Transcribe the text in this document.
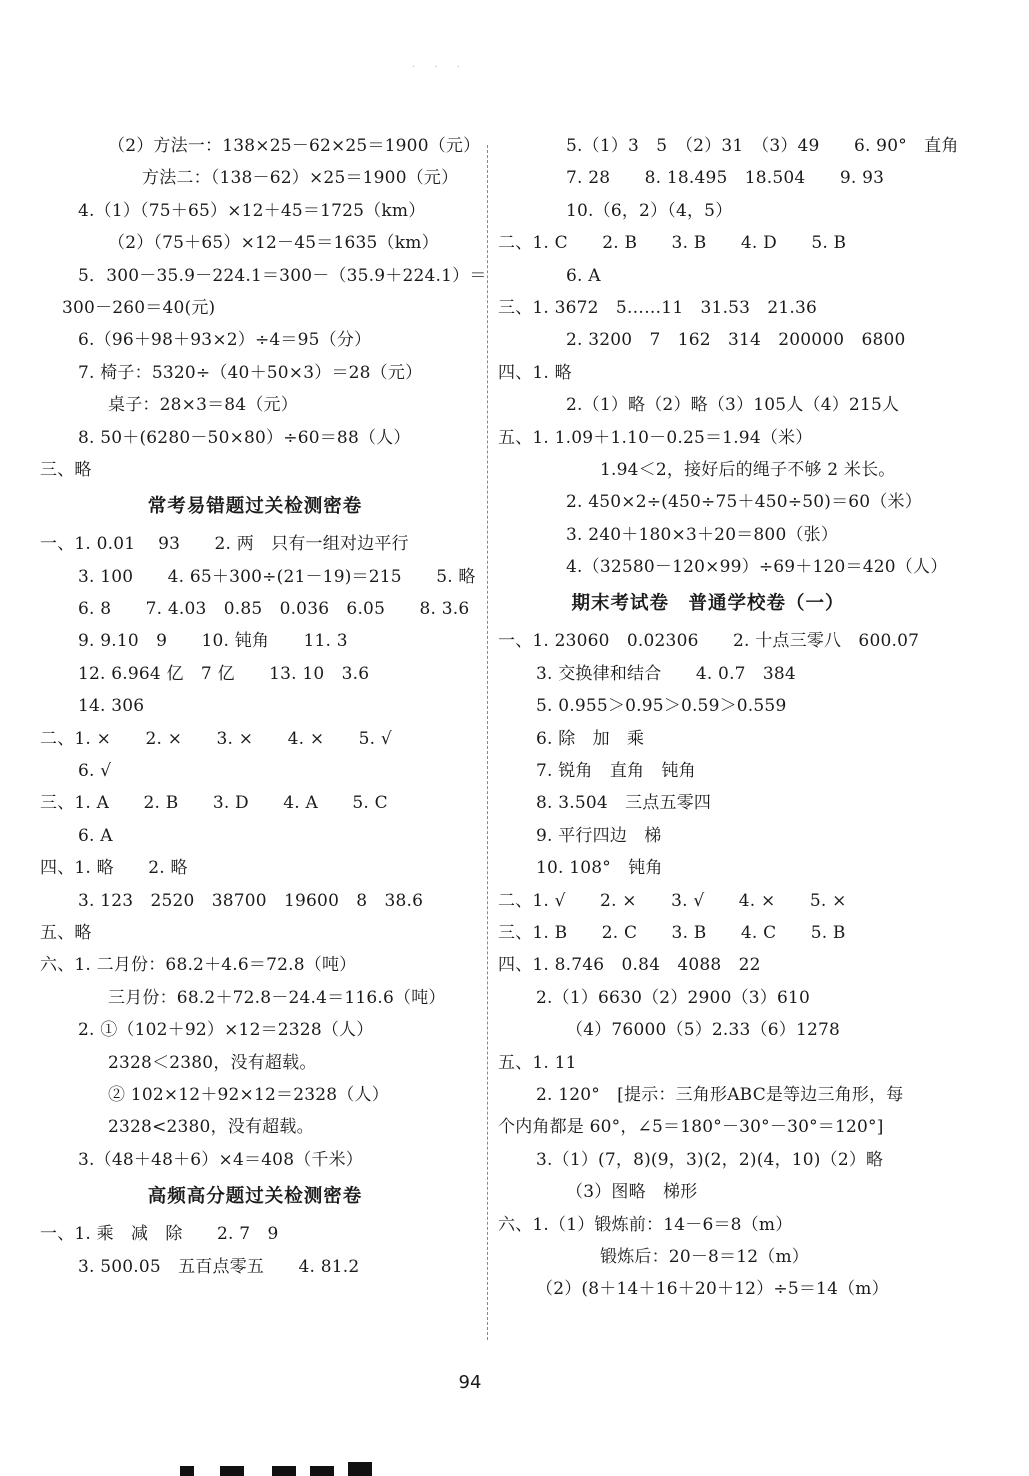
· · ·
（2）方法一：138×25－62×25＝1900（元）
方法二：（138－62）×25＝1900（元）
4.（1）（75＋65）×12＋45＝1725（km）
（2）（75＋65）×12－45＝1635（km）
5．300－35.9－224.1＝300－（35.9＋224.1）＝
300－260＝40(元)
6.（96＋98＋93×2）÷4＝95（分）
7. 椅子：5320÷（40＋50×3）＝28（元）
桌子：28×3＝84（元）
8. 50＋(6280－50×80）÷60＝88（人）
三、略
常考易错题过关检测密卷
一、1. 0.01　 93　　2. 两　只有一组对边平行
3. 100　　4. 65＋300÷(21－19)＝215　　5. 略
6. 8　　7. 4.03　0.85　0.036　6.05　　8. 3.6
9. 9.10　9　　10. 钝角　　11. 3
12. 6.964 亿　7 亿　　13. 10　3.6
14. 306
二、1. ×　　2. ×　　3. ×　　4. ×　　5. √
6. √
三、1. A　　2. B　　3. D　　4. A　　5. C
6. A
四、1. 略　　2. 略
3. 123　2520　38700　19600　8　38.6
五、略
六、1. 二月份：68.2＋4.6＝72.8（吨）
三月份：68.2＋72.8－24.4＝116.6（吨）
2. ①（102＋92）×12＝2328（人）
2328＜2380，没有超载。
② 102×12＋92×12＝2328（人）
2328<2380，没有超载。
3.（48＋48＋6）×4＝408（千米）
高频高分题过关检测密卷
一、1. 乘　减　除　　2. 7　9
3. 500.05　五百点零五　　4. 81.2
5.（1）3　5　（2）31　（3）49　　6. 90°　直角
7. 28　　8. 18.495　18.504　　9. 93
10.（6，2）（4，5）
二、1. C　　2. B　　3. B　　4. D　　5. B
6. A
三、1. 3672　5……11　31.53　21.36
2. 3200　7　162　314　200000　6800
四、1. 略
2.（1）略（2）略（3）105人（4）215人
五、1. 1.09＋1.10－0.25＝1.94（米）
1.94＜2，接好后的绳子不够 2 米长。
2. 450×2÷(450÷75＋450÷50)＝60（米）
3. 240＋180×3＋20＝800（张）
4.（32580－120×99）÷69＋120＝420（人）
期末考试卷　普通学校卷（一）
一、1. 23060　0.02306　　2. 十点三零八　600.07
3. 交换律和结合　　4. 0.7　384
5. 0.955＞0.95＞0.59＞0.559
6. 除　加　乘
7. 锐角　直角　钝角
8. 3.504　三点五零四
9. 平行四边　梯
10. 108°　钝角
二、1. √　　2. ×　　3. √　　4. ×　　5. ×
三、1. B　　2. C　　3. B　　4. C　　5. B
四、1. 8.746　0.84　4088　22
2.（1）6630（2）2900（3）610
（4）76000（5）2.33（6）1278
五、1. 11
2. 120°　[提示：三角形ABC是等边三角形，每
个内角都是 60°，∠5＝180°－30°－30°＝120°]
3.（1）(7，8)(9，3)(2，2)(4，10)（2）略
（3）图略　梯形
六、1.（1）锻炼前：14－6＝8（m）
锻炼后：20－8＝12（m）
（2）(8＋14＋16＋20＋12）÷5＝14（m）
94
